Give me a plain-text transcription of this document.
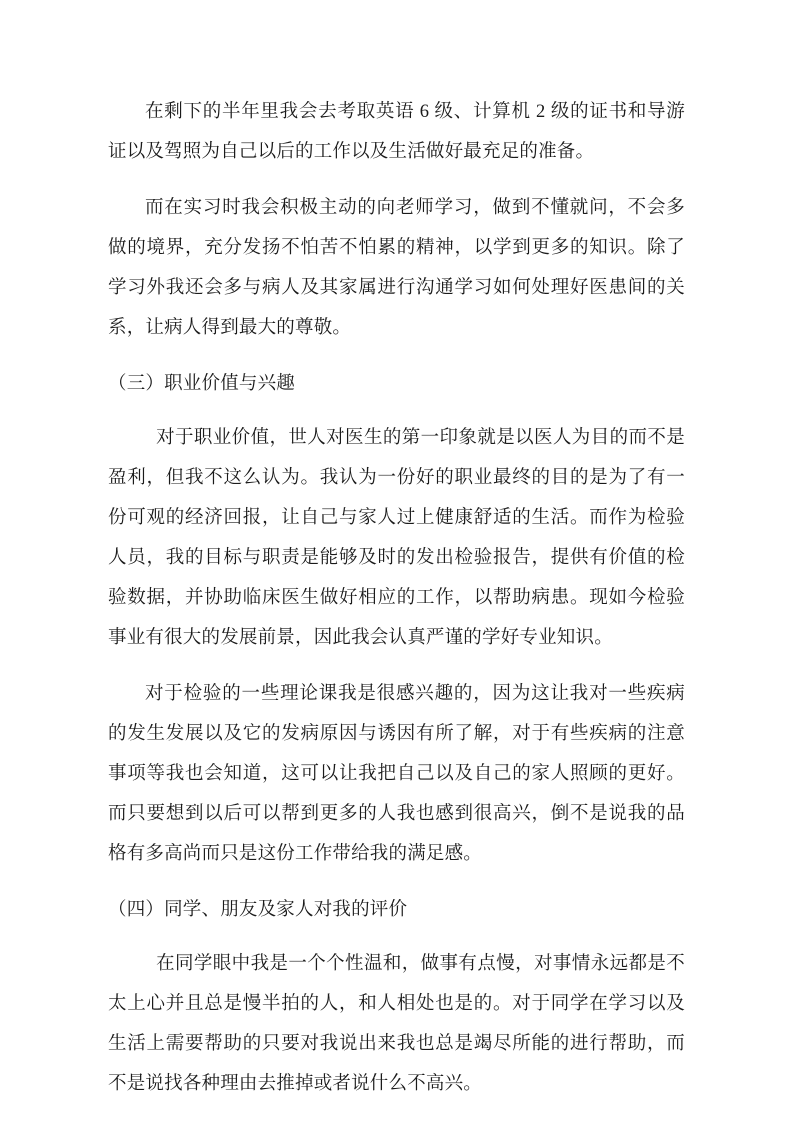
在剩下的半年里我会去考取英语 6 级、计算机 2 级的证书和导游证以及驾照为自己以后的工作以及生活做好最充足的准备。

而在实习时我会积极主动的向老师学习，做到不懂就问，不会多做的境界，充分发扬不怕苦不怕累的精神，以学到更多的知识。除了学习外我还会多与病人及其家属进行沟通学习如何处理好医患间的关系，让病人得到最大的尊敬。

（三）职业价值与兴趣

对于职业价值，世人对医生的第一印象就是以医人为目的而不是盈利，但我不这么认为。我认为一份好的职业最终的目的是为了有一份可观的经济回报，让自己与家人过上健康舒适的生活。而作为检验人员，我的目标与职责是能够及时的发出检验报告，提供有价值的检验数据，并协助临床医生做好相应的工作，以帮助病患。现如今检验事业有很大的发展前景，因此我会认真严谨的学好专业知识。

对于检验的一些理论课我是很感兴趣的，因为这让我对一些疾病的发生发展以及它的发病原因与诱因有所了解，对于有些疾病的注意事项等我也会知道，这可以让我把自己以及自己的家人照顾的更好。而只要想到以后可以帮到更多的人我也感到很高兴，倒不是说我的品格有多高尚而只是这份工作带给我的满足感。

（四）同学、朋友及家人对我的评价

在同学眼中我是一个个性温和，做事有点慢，对事情永远都是不太上心并且总是慢半拍的人，和人相处也是的。对于同学在学习以及生活上需要帮助的只要对我说出来我也总是竭尽所能的进行帮助，而不是说找各种理由去推掉或者说什么不高兴。
